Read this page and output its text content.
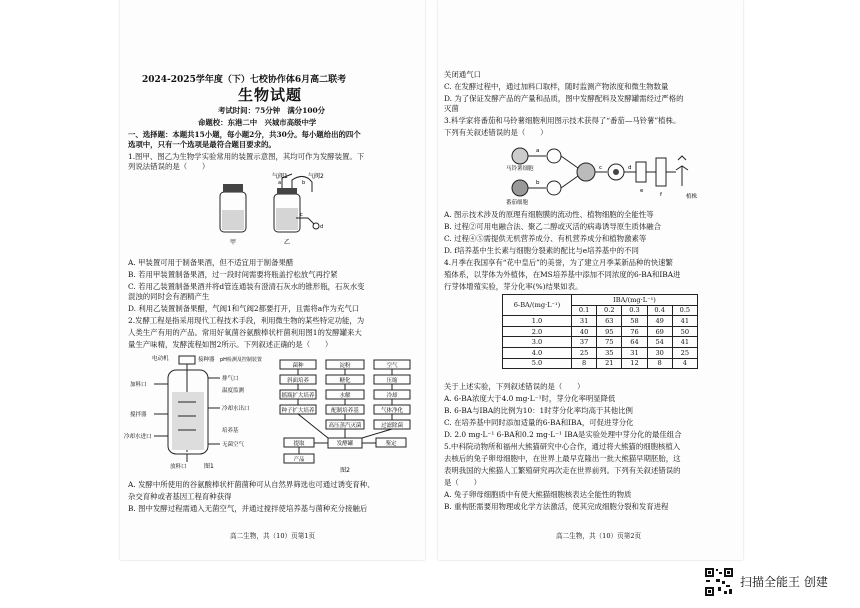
2024-2025学年度（下）七校协作体6月高二联考
生物试题
考试时间：75分钟　满分100分
命题校：东港二中　兴城市高级中学
一、选择题：本题共15小题，每小题2分，共30分。每小题给出的四个
选项中，只有一个选项是最符合题目要求的。
1.图甲、图乙为生物学实验常用的装置示意图，其均可作为发酵装置。下
列说法错误的是（　　）
气阀1	气阀2
a	b
c
d
甲	乙
A. 甲装置可用于制备果酒，但不适宜用于制备果醋
B. 若用甲装置制备果酒，过一段时间需要将瓶盖拧松放气再拧紧
C. 若用乙装置制备果酒并将d管连通装有澄清石灰水的锥形瓶，石灰水变
混浊的同时会有酒精产生
D. 利用乙装置制备果醋，气阀1和气阀2都要打开，且需将a作为充气口
2.发酵工程是指采用现代工程技术手段，利用微生物的某些特定功能，为
人类生产有用的产品。常用好氧菌谷氨酸棒状杆菌利用图1的发酵罐来大
量生产味精，发酵流程如图2所示。下列叙述正确的是（　　）
电动机	接种器 pH检测及控制装置
排气口
温度监测
冷却水出口
培养基
无菌空气
加料口
搅拌器
冷却水进口
放料口	图1
菌种
斜面培养
摇瓶扩大培养
种子扩大培养
淀粉
糖化
水解
配制培养基
高压蒸汽灭菌
空气
压缩
冷却
气体净化
过滤除菌
发酵罐
提取
产品
鉴定
图2
A. 发酵中所使用的谷氨酸棒状杆菌菌种可从自然界筛选也可通过诱变育种、
杂交育种或者基因工程育种获得
B. 图中发酵过程需通入无菌空气，并通过搅拌使培养基与菌种充分接触后
高二生物，共（10）页第1页
关闭通气口
C. 在发酵过程中，通过加料口取样，随时监测产物浓度和微生物数量
D. 为了保证发酵产品的产量和品质，图中发酵配料及发酵罐需经过严格的
灭菌
3.科学家将番茄和马铃薯细胞利用图示技术获得了“番茄—马铃薯”植株。
下列有关叙述错误的是（　　）
马铃薯细胞
番茄细胞
植株
a
b
c	d
e
f
A. 图示技术涉及的原理有细胞膜的流动性、植物细胞的全能性等
B. 过程②可用电融合法、聚乙二醇或灭活的病毒诱导原生质体融合
C. 过程④⑤需提供无机营养成分、有机营养成分和植物激素等
D. f培养基中生长素与细胞分裂素的配比与e培养基中的不同
4.月季在我国享有“花中皇后”的美誉，为了建立月季某新品种的快速繁
殖体系，以芽体为外植体，在MS培养基中添加不同浓度的6-BA和IBA进
行芽体增殖实验，芽分化率(%)结果如表。
6-BA/(mg·L⁻¹)	IBA/(mg·L⁻¹)				
	0.1	0.2	0.3	0.4	0.5
1.0	31	63	58	49	41
2.0	40	95	76	69	50
3.0	37	75	64	54	41
4.0	25	35	31	30	25
5.0	8	21	12	8	4
关于上述实验，下列叙述错误的是（　　）
A. 6-BA浓度大于4.0 mg·L⁻¹时，芽分化率明显降低
B. 6-BA与IBA的比例为10：1时芽分化率均高于其他比例
C. 在培养基中同时添加适量的6-BA和IBA，可促进芽分化
D. 2.0 mg·L⁻¹ 6-BA和0.2 mg·L⁻¹ IBA是实验处理中芽分化的最佳组合
5.中科院动物所和福州大熊猫研究中心合作，通过将大熊猫的细胞核植入
去核后的兔子卵母细胞中，在世界上最早克隆出一批大熊猫早期胚胎，这
表明我国的大熊猫人工繁殖研究再次走在世界前列。下列有关叙述错误的
是（　　）
A. 兔子卵母细胞质中有使大熊猫细胞核表达全能性的物质
B. 重构胚需要用物理或化学方法激活，使其完成细胞分裂和发育进程
高二生物，共（10）页第2页
扫描全能王 创建
